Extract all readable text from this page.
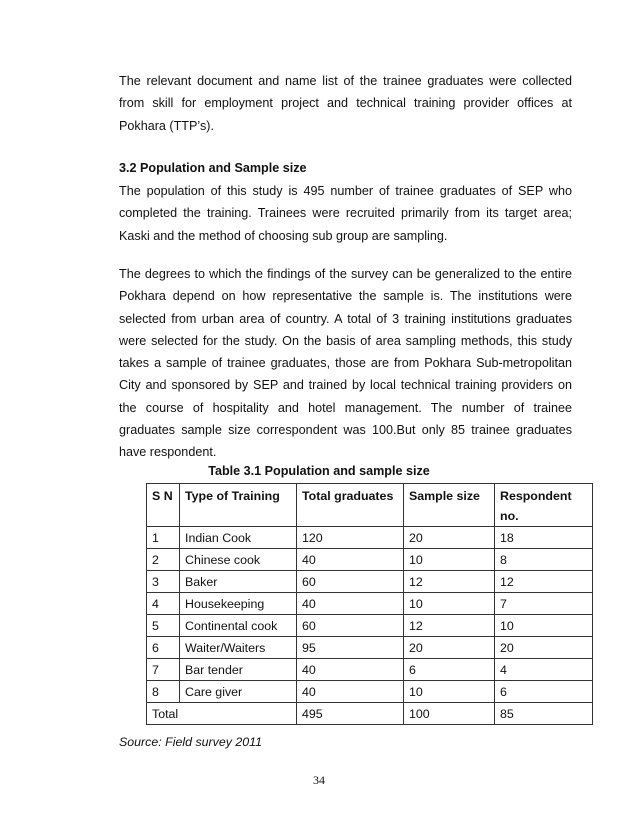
The relevant document and name list of the trainee graduates were collected from skill for employment project and technical training provider offices at Pokhara (TTP’s).

3.2 Population and Sample size

The population of this study is 495 number of trainee graduates of SEP who completed the training. Trainees were recruited primarily from its target area; Kaski and the method of choosing sub group are sampling.

The degrees to which the findings of the survey can be generalized to the entire Pokhara depend on how representative the sample is. The institutions were selected from urban area of country. A total of 3 training institutions graduates were selected for the study. On the basis of area sampling methods, this study takes a sample of trainee graduates, those are from Pokhara Sub-metropolitan City and sponsored by SEP and trained by local technical training providers on the course of hospitality and hotel management. The number of trainee graduates sample size correspondent was 100.But only 85 trainee graduates have respondent.

Table 3.1 Population and sample size

S N	Type of Training	Total graduates	Sample size	Respondent no.
1	Indian Cook	120	20	18
2	Chinese cook	40	10	8
3	Baker	60	12	12
4	Housekeeping	40	10	7
5	Continental cook	60	12	10
6	Waiter/Waiters	95	20	20
7	Bar tender	40	6	4
8	Care giver	40	10	6
Total		495	100	85

Source: Field survey 2011

34
